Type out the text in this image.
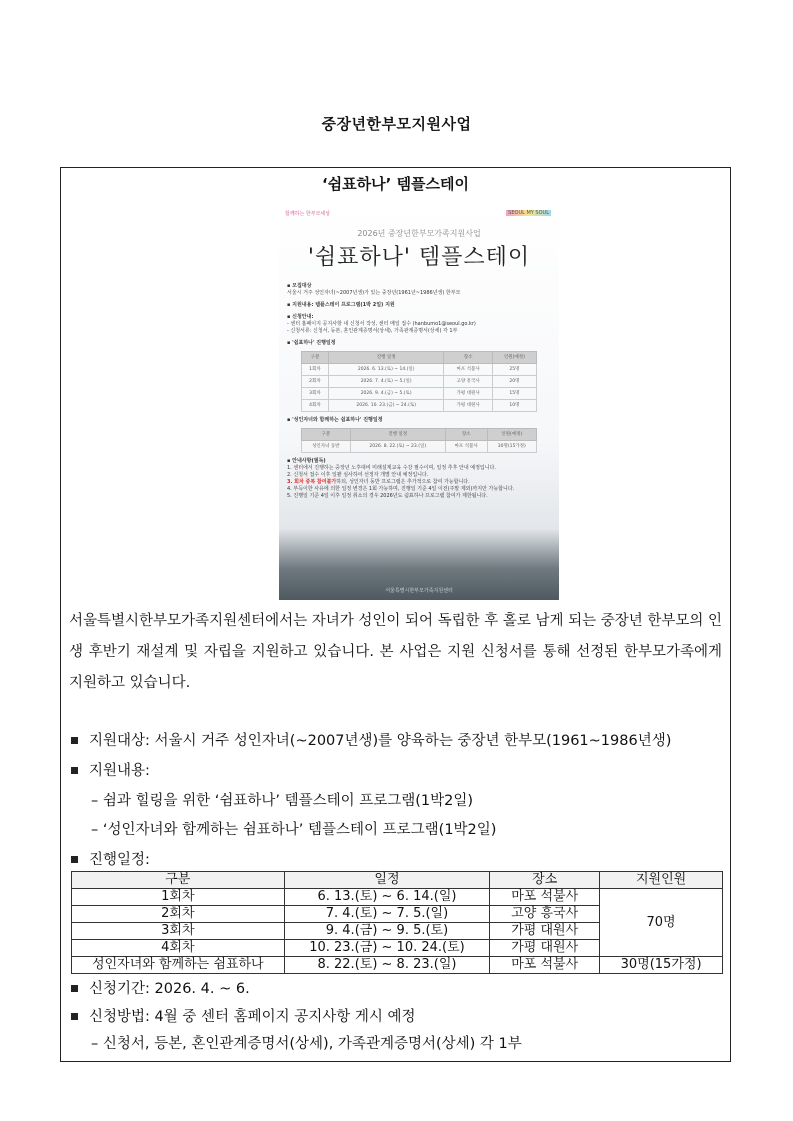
중장년한부모지원사업
‘쉼표하나’ 템플스테이
함께하는 한부모세상	SEOUL MY SOUL
2026년 중장년한부모가족지원사업
'쉼표하나' 템플스테이
▪ 모집대상
서울시 거주 성인자녀(~2007년생)가 있는 중장년(1961년~1986년생) 한부모
▪ 지원내용: 템플스테이 프로그램(1박 2일) 지원
▪ 신청안내:
- 센터 홈페이지 공지사항 내 신청서 작성, 센터 메일 접수 (hanbumo1@seoul.go.kr)
- 신청서류: 신청서, 등본, 혼인관계증명서(상세), 가족관계증명서(상세) 각 1부
▪ '쉼표하나' 진행일정
구분	진행 일정	장소	인원(예정)
1회차	2026. 6. 13.(토) ~ 14.(일)	마포 석불사	25명
2회차	2026. 7. 4.(토) ~ 5.(일)	고양 흥국사	20명
3회차	2026. 9. 4.(금) ~ 5.(토)	가평 대원사	15명
4회차	2026. 10. 23.(금) ~ 24.(토)	가평 대원사	10명
▪ '성인자녀와 함께하는 쉼표하나' 진행일정
구분	진행 일정	장소	인원(예정)
성인자녀 동반	2026. 8. 22.(토) ~ 23.(일)	마포 석불사	30명(15가정)
▪ 안내사항(필독)
1. 센터에서 진행하는 중장년 노후대비 미래설계교육 수강 필수이며, 일정 추후 안내 예정입니다.
2. 신청서 접수 이후 일괄 심사하여 선정자 개별 안내 예정입니다.
3. 회차 중복 참여불가하되, 성인자녀 동반 프로그램은 추가적으로 참여 가능합니다.
4. 부득이한 사유에 의한 일정 변경은 1회 가능하며, 진행일 기준 4일 이전(주말 제외)까지만 가능합니다.
5. 진행일 기준 4일 이후 일정 취소의 경우 2026년도 쉼표하나 프로그램 참여가 제한됩니다.
서울특별시한부모가족지원센터
서울특별시한부모가족지원센터에서는 자녀가 성인이 되어 독립한 후 홀로 남게 되는 중장년 한부모의 인생 후반기 재설계 및 자립을 지원하고 있습니다. 본 사업은 지원 신청서를 통해 선정된 한부모가족에게 지원하고 있습니다.
지원대상: 서울시 거주 성인자녀(~2007년생)를 양육하는 중장년 한부모(1961~1986년생)
지원내용:
– 쉼과 힐링을 위한 ‘쉼표하나’ 템플스테이 프로그램(1박2일)
– ‘성인자녀와 함께하는 쉼표하나’ 템플스테이 프로그램(1박2일)
진행일정:
구분	일정	장소	지원인원
1회차	6. 13.(토) ~ 6. 14.(일)	마포 석불사	70명
2회차	7. 4.(토) ~ 7. 5.(일)	고양 흥국사	
3회차	9. 4.(금) ~ 9. 5.(토)	가평 대원사	
4회차	10. 23.(금) ~ 10. 24.(토)	가평 대원사	
성인자녀와 함께하는 쉼표하나	8. 22.(토) ~ 8. 23.(일)	마포 석불사	30명(15가정)
신청기간: 2026. 4. ~ 6.
신청방법: 4월 중 센터 홈페이지 공지사항 게시 예정
– 신청서, 등본, 혼인관계증명서(상세), 가족관계증명서(상세) 각 1부
